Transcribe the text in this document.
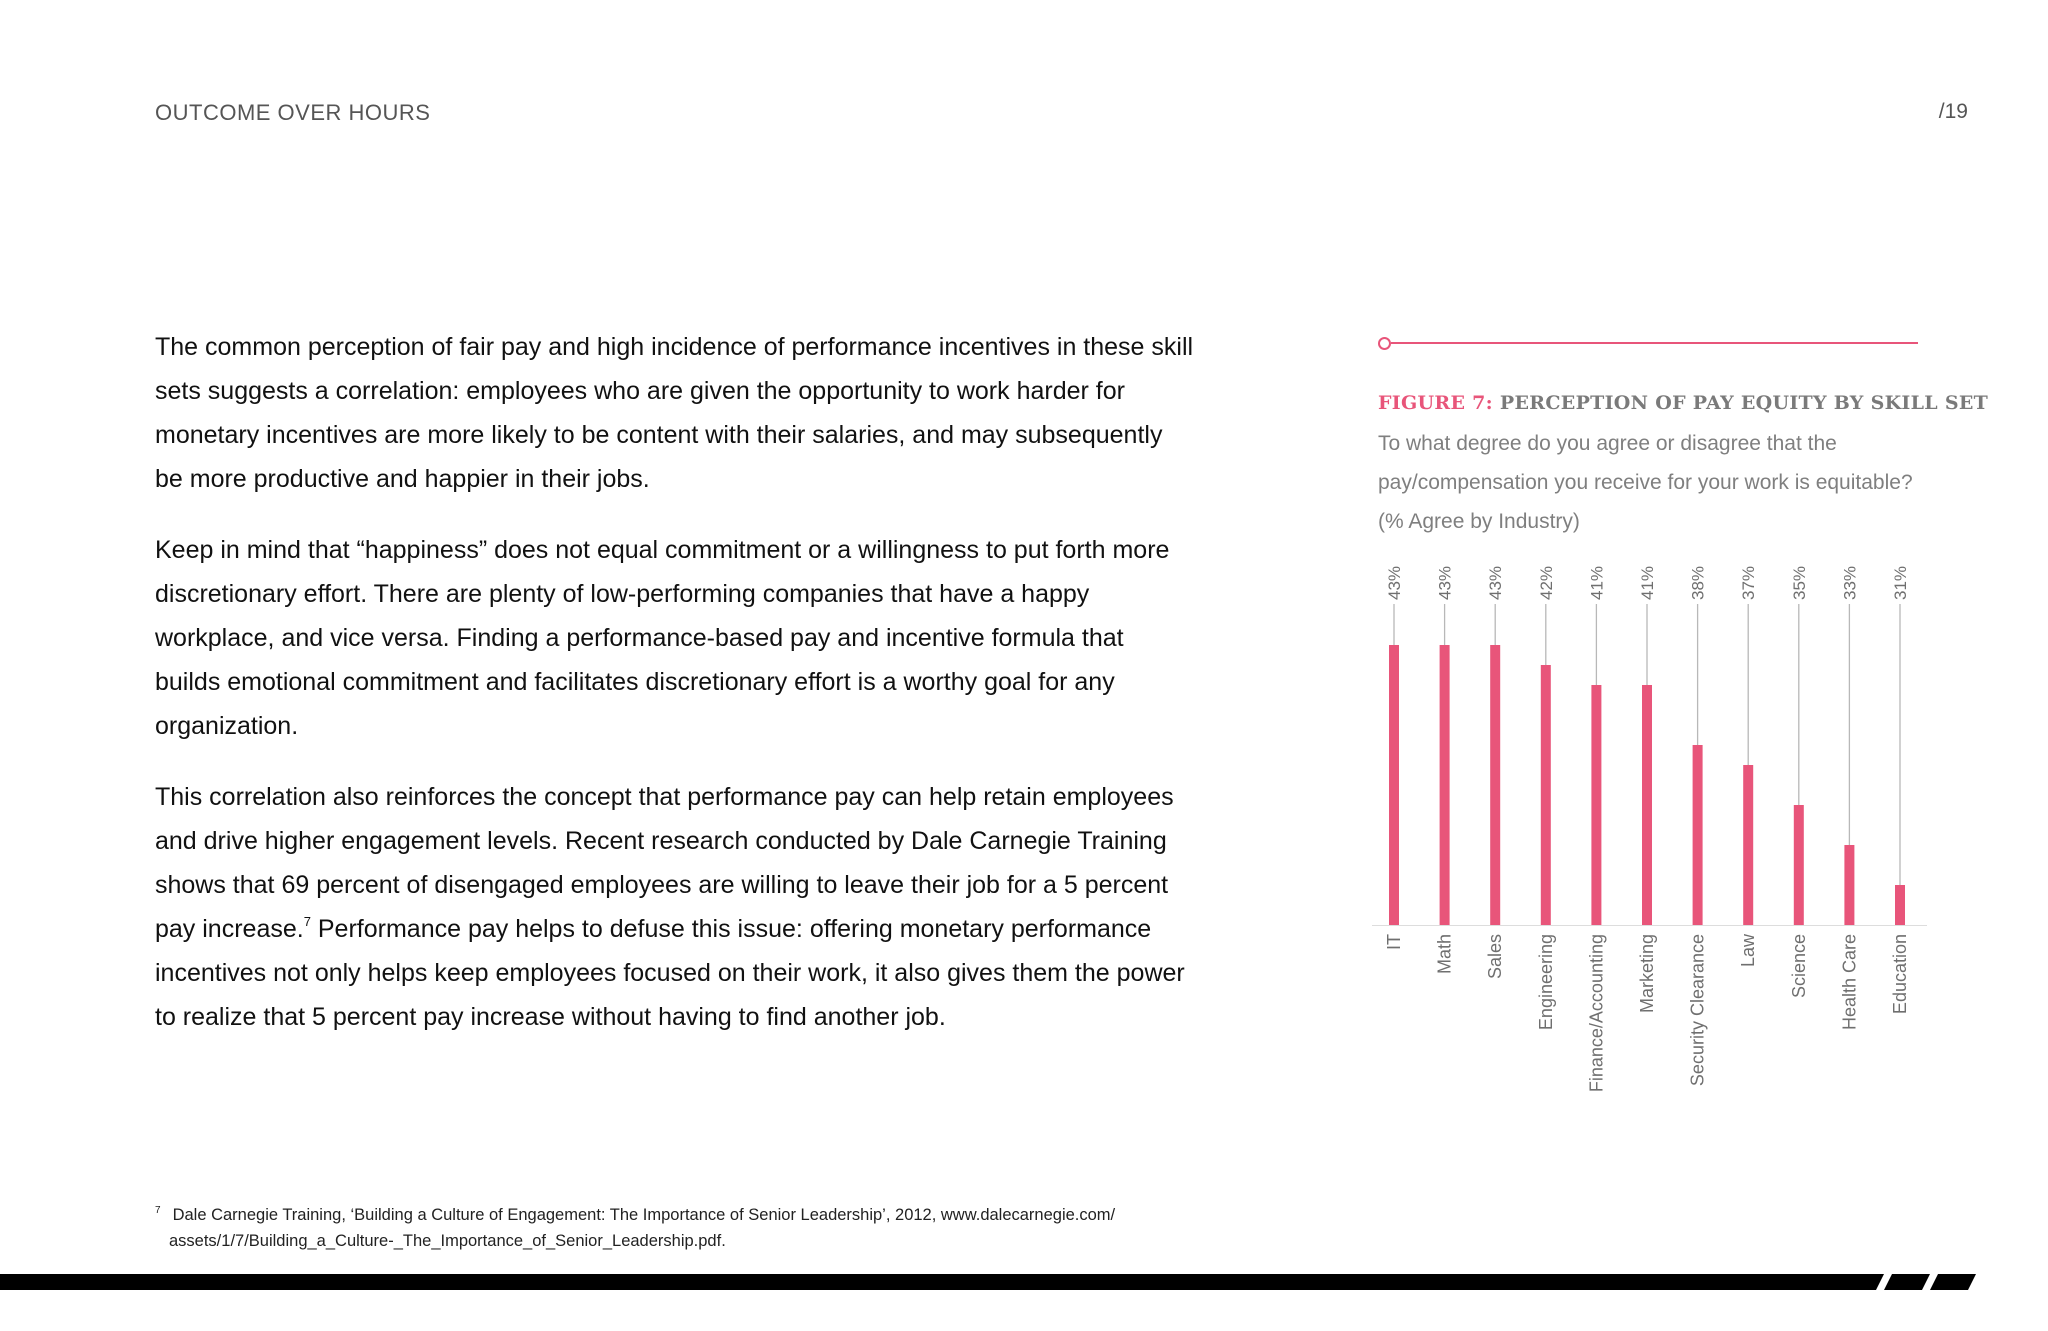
OUTCOME OVER HOURS	/19

The common perception of fair pay and high incidence of performance incentives in these skill sets suggests a correlation: employees who are given the opportunity to work harder for monetary incentives are more likely to be content with their salaries, and may subsequently be more productive and happier in their jobs.

Keep in mind that “happiness” does not equal commitment or a willingness to put forth more discretionary effort. There are plenty of low-performing companies that have a happy workplace, and vice versa. Finding a performance-based pay and incentive formula that builds emotional commitment and facilitates discretionary effort is a worthy goal for any organization.

This correlation also reinforces the concept that performance pay can help retain employees and drive higher engagement levels. Recent research conducted by Dale Carnegie Training shows that 69 percent of disengaged employees are willing to leave their job for a 5 percent pay increase.$^7$ Performance pay helps to defuse this issue: offering monetary performance incentives not only helps keep employees focused on their work, it also gives them the power to realize that 5 percent pay increase without having to find another job.

FIGURE 7: PERCEPTION OF PAY EQUITY BY SKILL SET
To what degree do you agree or disagree that the pay/compensation you receive for your work is equitable? (% Agree by Industry)
43%
IT
43%
Math
43%
Sales
42%
Engineering
41%
Finance/Accounting
41%
Marketing
38%
Security Clearance
37%
Law
35%
Science
33%
Health Care
31%
Education
$^7$ Dale Carnegie Training, ‘Building a Culture of Engagement: The Importance of Senior Leadership’, 2012, www.dalecarnegie.com/
assets/1/7/Building_a_Culture-_The_Importance_of_Senior_Leadership.pdf.
